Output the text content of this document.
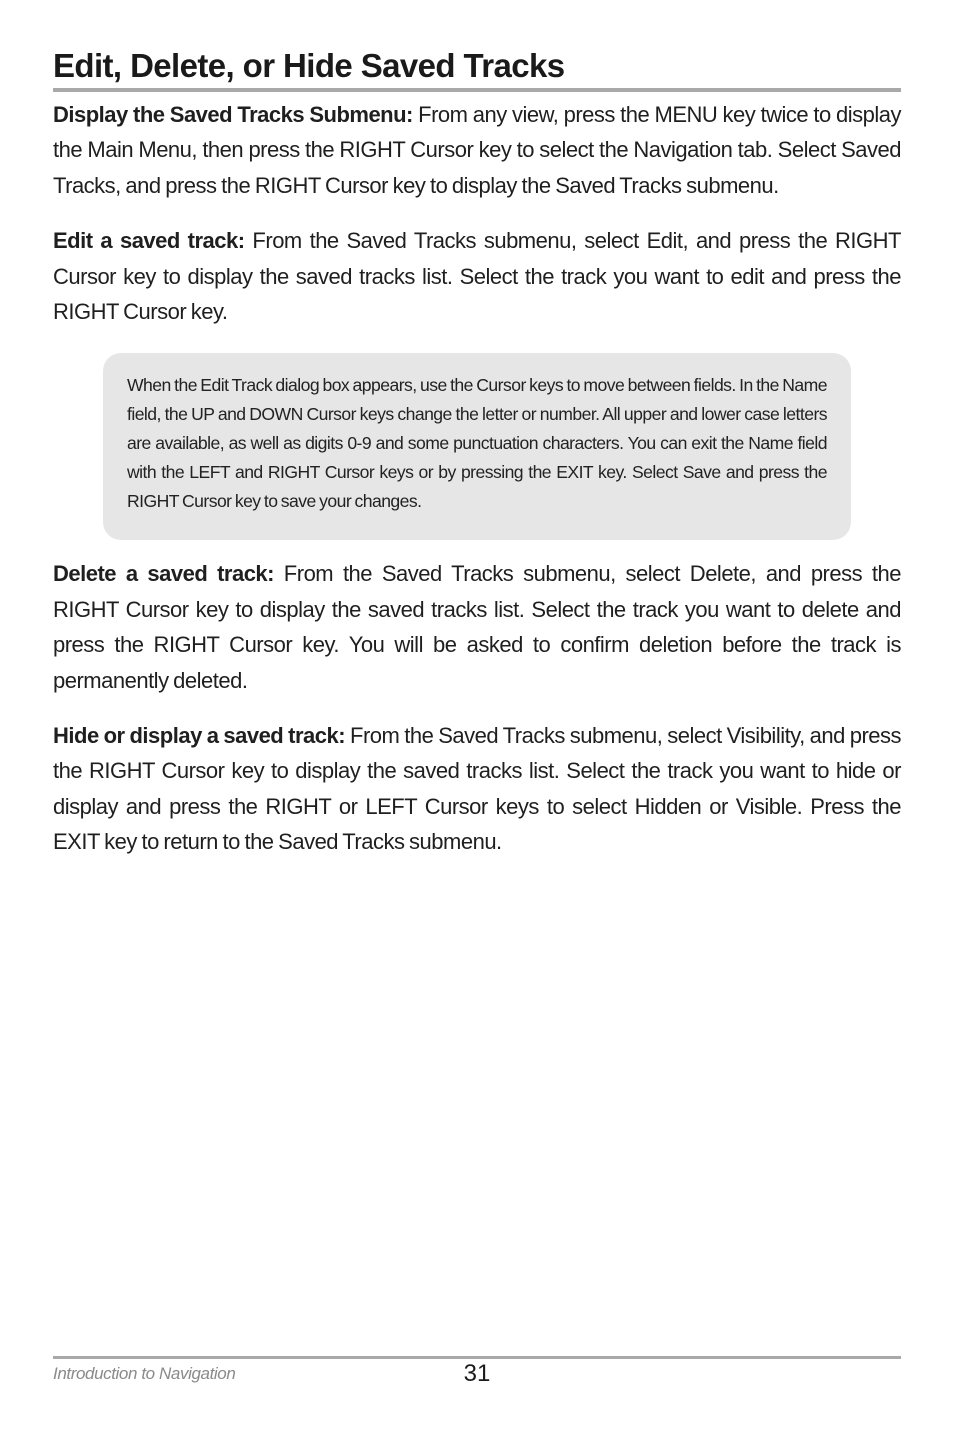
Edit, Delete, or Hide Saved Tracks

Display the Saved Tracks Submenu: From any view, press the MENU key twice to display the Main Menu, then press the RIGHT Cursor key to select the Navigation tab. Select Saved Tracks, and press the RIGHT Cursor key to display the Saved Tracks submenu.

Edit a saved track: From the Saved Tracks submenu, select Edit, and press the RIGHT Cursor key to display the saved tracks list. Select the track you want to edit and press the RIGHT Cursor key.

When the Edit Track dialog box appears, use the Cursor keys to move between fields. In the Name field, the UP and DOWN Cursor keys change the letter or number. All upper and lower case letters are available, as well as digits 0-9 and some punctuation characters. You can exit the Name field with the LEFT and RIGHT Cursor keys or by pressing the EXIT key. Select Save and press the RIGHT Cursor key to save your changes.

Delete a saved track: From the Saved Tracks submenu, select Delete, and press the RIGHT Cursor key to display the saved tracks list. Select the track you want to delete and press the RIGHT Cursor key. You will be asked to confirm deletion before the track is permanently deleted.

Hide or display a saved track: From the Saved Tracks submenu, select Visibility, and press the RIGHT Cursor key to display the saved tracks list. Select the track you want to hide or display and press the RIGHT or LEFT Cursor keys to select Hidden or Visible. Press the EXIT key to return to the Saved Tracks submenu.

Introduction to Navigation	31
